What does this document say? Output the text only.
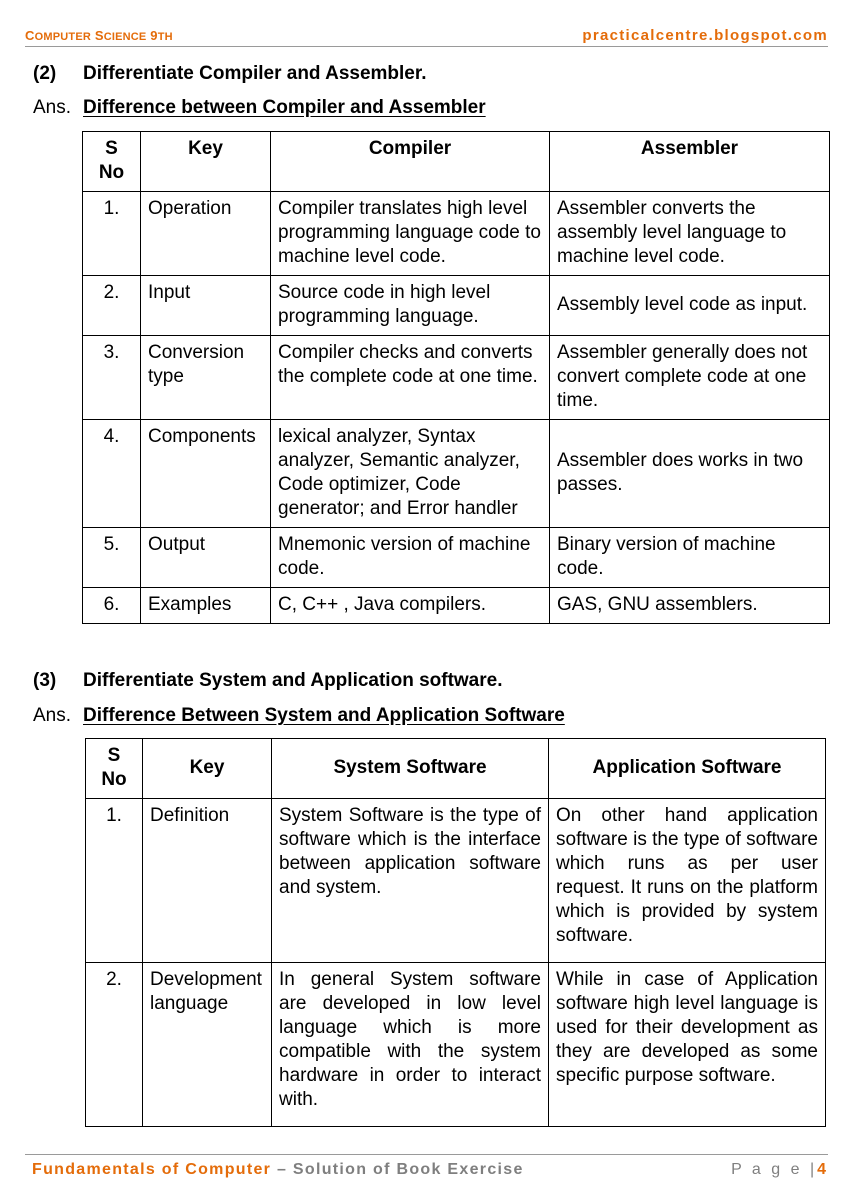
COMPUTER SCIENCE 9TH	practicalcentre.blogspot.com
(2) Differentiate Compiler and Assembler.
Ans. Difference between Compiler and Assembler
S No	Key	Compiler	Assembler
1.	Operation	Compiler translates high level programming language code to machine level code.	Assembler converts the assembly level language to machine level code.
2.	Input	Source code in high level programming language.	Assembly level code as input.
3.	Conversion type	Compiler checks and converts the complete code at one time.	Assembler generally does not convert complete code at one time.
4.	Components	lexical analyzer, Syntax analyzer, Semantic analyzer, Code optimizer, Code generator; and Error handler	Assembler does works in two passes.
5.	Output	Mnemonic version of machine code.	Binary version of machine code.
6.	Examples	C, C++ , Java compilers.	GAS, GNU assemblers.
(3) Differentiate System and Application software.
Ans. Difference Between System and Application Software
S No	Key	System Software	Application Software
1.	Definition	System Software is the type of software which is the interface between application software and system.	On other hand application software is the type of software which runs as per user request. It runs on the platform which is provided by system software.
2.	Development language	In general System software are developed in low level language which is more compatible with the system hardware in order to interact with.	While in case of Application software high level language is used for their development as they are developed as some specific purpose software.
Fundamentals of Computer – Solution of Book Exercise	P a g e |4
